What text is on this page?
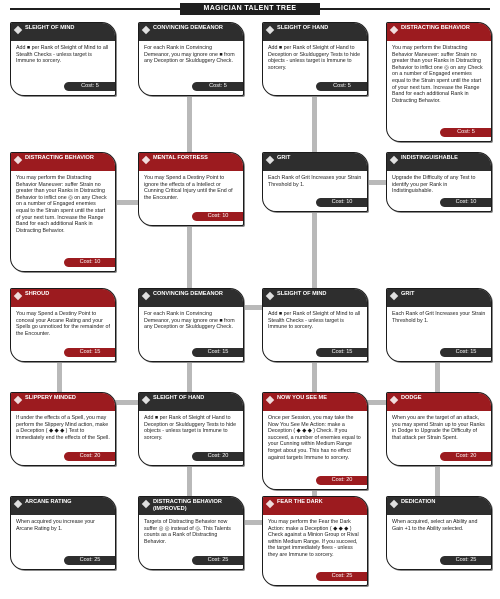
MAGICIAN TALENT TREE
SLEIGHT OF MIND
Add ■ per Rank of Sleight of Mind to all Stealth Checks - unless target is Immune to sorcery.
Cost: 5
CONVINCING DEMEANOR
For each Rank in Convincing Demeanor, you may ignore one ■ from any Deception or Skulduggery Check.
Cost: 5
SLEIGHT OF HAND
Add ■ per Rank of Sleight of Hand to Deception or Skulduggery Tests to hide objects - unless target is Immune to sorcery.
Cost: 5
DISTRACTING BEHAVIOR
You may perform the Distracting Behavior Maneuver: suffer Strain no greater than your Ranks in Distracting Behavior to inflict one ◎ on any Check on a number of Engaged enemies equal to the Strain spent until the start of your next turn. Increase the Range Band for each additional Rank in Distracting Behavior.
Cost: 5
DISTRACTING BEHAVIOR
You may perform the Distracting Behavior Maneuver: suffer Strain no greater than your Ranks in Distracting Behavior to inflict one ◎ on any Check on a number of Engaged enemies equal to the Strain spent until the start of your next turn. Increase the Range Band for each additional Rank in Distracting Behavior.
Cost: 10
MENTAL FORTRESS
You may Spend a Destiny Point to ignore the effects of a Intellect or Cunning Critical Injury until the End of the Encounter.
Cost: 10
GRIT
Each Rank of Grit Increases your Strain Threshold by 1.
Cost: 10
INDISTINGUISHABLE
Upgrade the Difficulty of any Test to identify you per Rank in Indistinguishable.
Cost: 10
SHROUD
You may Spend a Destiny Point to conceal your Arcane Rating and your Spells go unnoticed for the remainder of the Encounter.
Cost: 15
CONVINCING DEMEANOR
For each Rank in Convincing Demeanor, you may ignore one ■ from any Deception or Skulduggery Check.
Cost: 15
SLEIGHT OF MIND
Add ■ per Rank of Sleight of Mind to all Stealth Checks - unless target is Immune to sorcery.
Cost: 15
GRIT
Each Rank of Grit Increases your Strain Threshold by 1.
Cost: 15
SLIPPERY MINDED
If under the effects of a Spell, you may perform the Slippery Mind action, make a Deception ( ◆ ◆ ◆ ) Test to immediately end the effects of the Spell.
Cost: 20
SLEIGHT OF HAND
Add ■ per Rank of Sleight of Hand to Deception or Skulduggery Tests to hide objects - unless target is Immune to sorcery.
Cost: 20
NOW YOU SEE ME
Once per Session, you may take the Now You See Me Action: make a Deception ( ◆ ◆ ◆ ) Check. If you succeed, a number of enemies equal to your Cunning within Medium Range forget about you. This has no effect against targets Immune to sorcery.
Cost: 20
DODGE
When you are the target of an attack, you may spend Strain up to your Ranks in Dodge to Upgrade the Difficulty of that attack per Strain Spent.
Cost: 20
ARCANE RATING
When acquired you increase your Arcane Rating by 1.
Cost: 25
DISTRACTING BEHAVIOR (IMPROVED)
Targets of Distracting Behavior now suffer ◎ ◎ instead of ◎. This Talents counts as a Rank of Distracting Behavior.
Cost: 25
FEAR THE DARK
You may perform the Fear the Dark Action: make a Deception ( ◆ ◆ ◆ ) Check against a Minion Group or Rival within Medium Range. If you succeed, the target immediately flees - unless they are Immune to sorcery.
Cost: 25
DEDICATION
When acquired, select an Ability and Gain +1 to the Ability selected.
Cost: 25
